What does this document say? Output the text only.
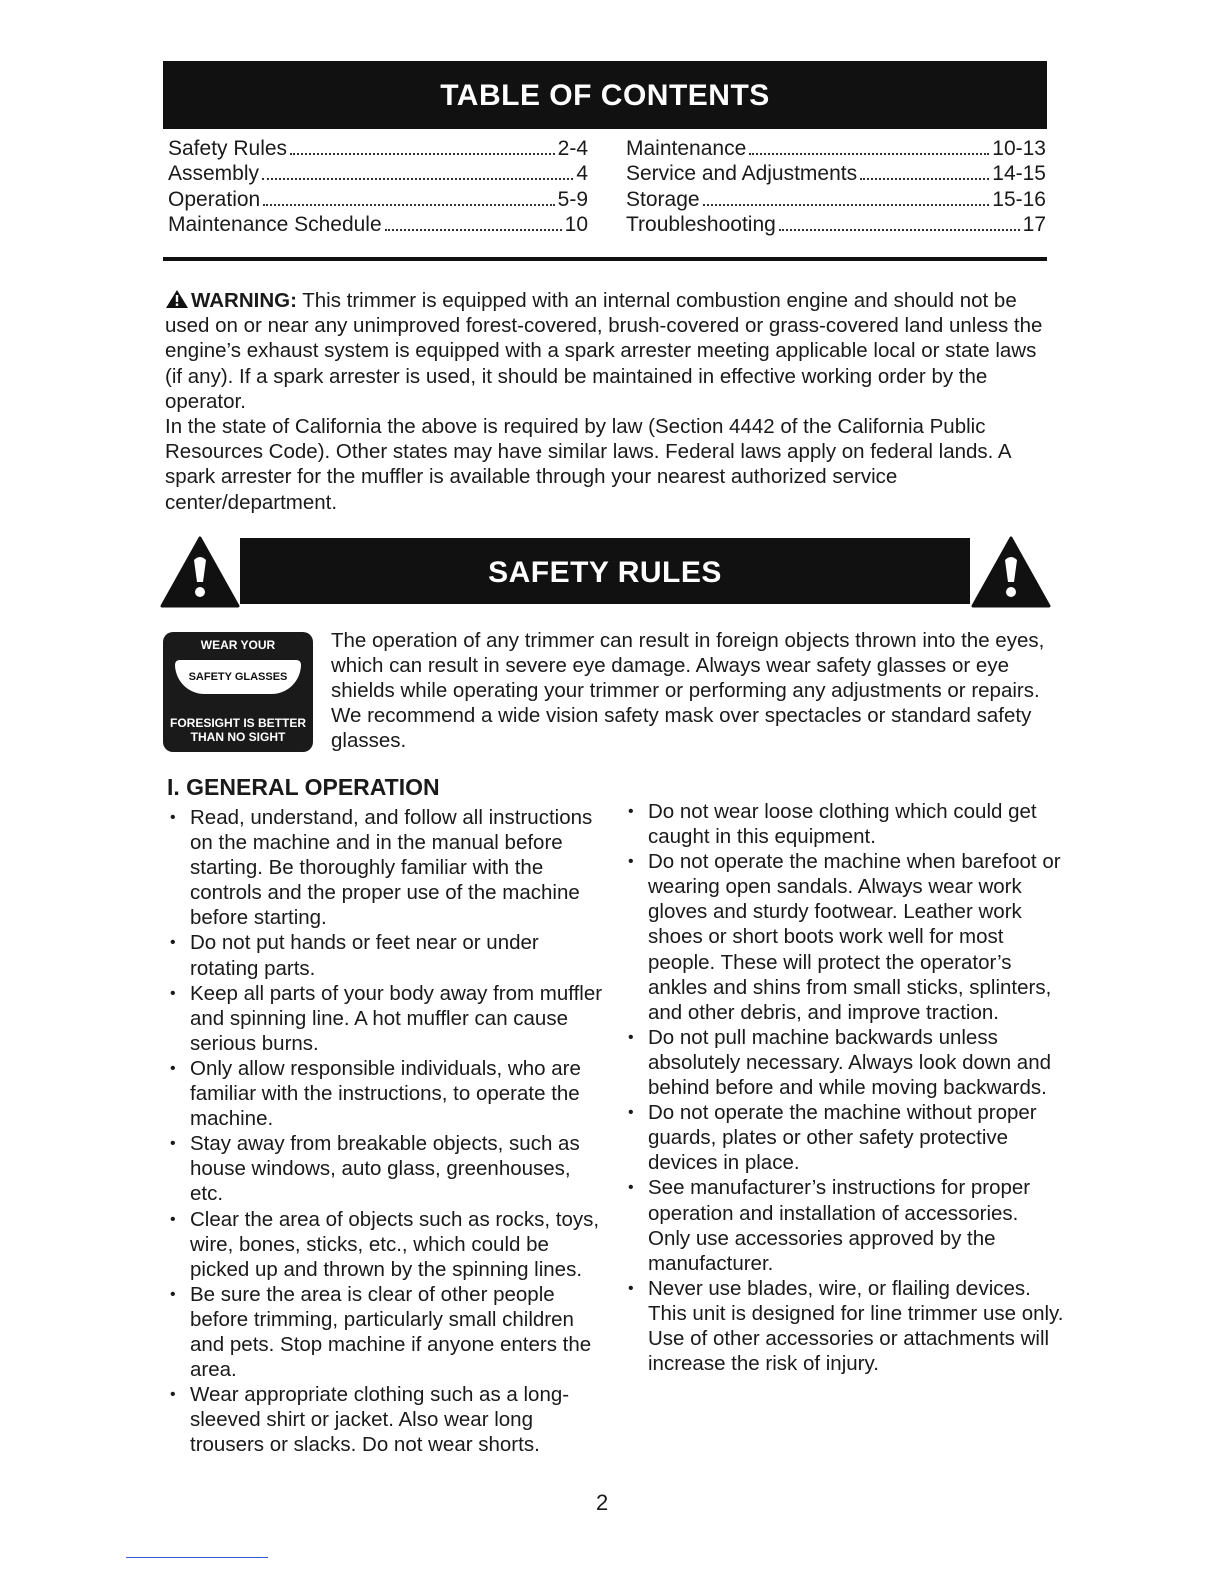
TABLE OF CONTENTS
Safety Rules	2-4
Assembly	4
Operation	5-9
Maintenance Schedule	10
Maintenance	10-13
Service and Adjustments	14-15
Storage	15-16
Troubleshooting	17

WARNING: This trimmer is equipped with an internal combustion engine and should not be used on or near any unimproved forest-covered, brush-covered or grass-covered land unless the engine’s exhaust system is equipped with a spark arrester meeting applicable local or state laws (if any). If a spark arrester is used, it should be maintained in effective working order by the operator.

In the state of California the above is required by law (Section 4442 of the California Public Resources Code). Other states may have similar laws. Federal laws apply on federal lands. A spark arrester for the muffler is available through your nearest authorized service center/department.

SAFETY RULES
WEAR YOUR
SAFETY GLASSES
FORESIGHT IS BETTER
THAN NO SIGHT

The operation of any trimmer can result in foreign objects thrown into the eyes, which can result in severe eye damage. Always wear safety glasses or eye shields while operating your trimmer or performing any adjustments or repairs. We recommend a wide vision safety mask over spectacles or standard safety glasses.

I. GENERAL OPERATION
• Read, understand, and follow all instructions on the machine and in the manual before starting. Be thoroughly familiar with the controls and the proper use of the machine before starting.
• Do not put hands or feet near or under rotating parts.
• Keep all parts of your body away from muffler and spinning line. A hot muffler can cause serious burns.
• Only allow responsible individuals, who are familiar with the instructions, to operate the machine.
• Stay away from breakable objects, such as house windows, auto glass, greenhouses, etc.
• Clear the area of objects such as rocks, toys, wire, bones, sticks, etc., which could be picked up and thrown by the spinning lines.
• Be sure the area is clear of other people before trimming, particularly small children and pets. Stop machine if anyone enters the area.
• Wear appropriate clothing such as a long-sleeved shirt or jacket. Also wear long trousers or slacks. Do not wear shorts.
• Do not wear loose clothing which could get caught in this equipment.
• Do not operate the machine when barefoot or wearing open sandals. Always wear work gloves and sturdy footwear. Leather work shoes or short boots work well for most people. These will protect the operator’s ankles and shins from small sticks, splinters, and other debris, and improve traction.
• Do not pull machine backwards unless absolutely necessary. Always look down and behind before and while moving backwards.
• Do not operate the machine without proper guards, plates or other safety protective devices in place.
• See manufacturer’s instructions for proper operation and installation of accessories. Only use accessories approved by the manufacturer.
• Never use blades, wire, or flailing devices. This unit is designed for line trimmer use only. Use of other accessories or attachments will increase the risk of injury.
2
